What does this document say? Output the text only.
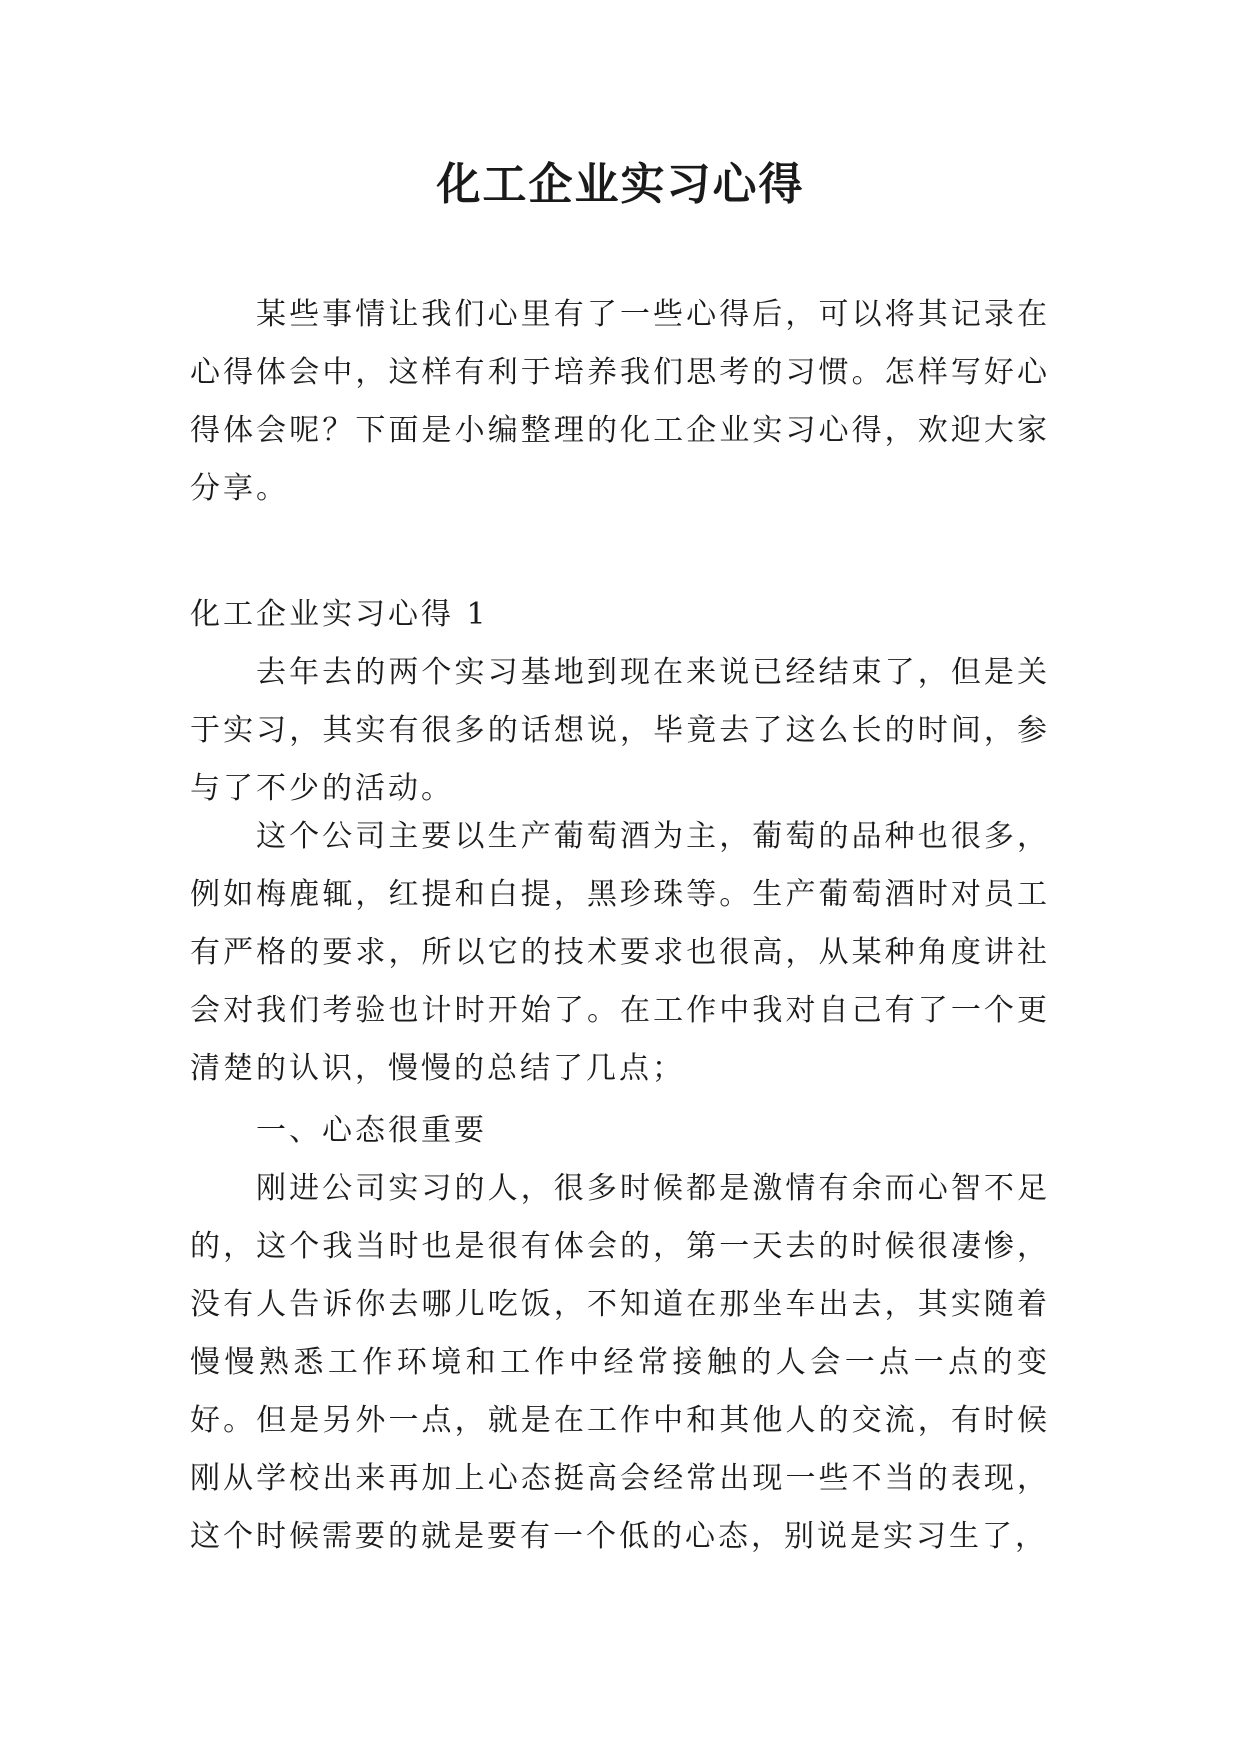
化工企业实习心得

某些事情让我们心里有了一些心得后，可以将其记录在心得体会中，这样有利于培养我们思考的习惯。怎样写好心得体会呢？下面是小编整理的化工企业实习心得，欢迎大家分享。

化工企业实习心得 1

去年去的两个实习基地到现在来说已经结束了，但是关于实习，其实有很多的话想说，毕竟去了这么长的时间，参与了不少的活动。

这个公司主要以生产葡萄酒为主，葡萄的品种也很多，例如梅鹿辄，红提和白提，黑珍珠等。生产葡萄酒时对员工有严格的要求，所以它的技术要求也很高，从某种角度讲社会对我们考验也计时开始了。在工作中我对自己有了一个更清楚的认识，慢慢的总结了几点；

一、心态很重要

刚进公司实习的人，很多时候都是激情有余而心智不足的，这个我当时也是很有体会的，第一天去的时候很凄惨，没有人告诉你去哪儿吃饭，不知道在那坐车出去，其实随着慢慢熟悉工作环境和工作中经常接触的人会一点一点的变好。但是另外一点，就是在工作中和其他人的交流，有时候刚从学校出来再加上心态挺高会经常出现一些不当的表现，这个时候需要的就是要有一个低的心态，别说是实习生了，
